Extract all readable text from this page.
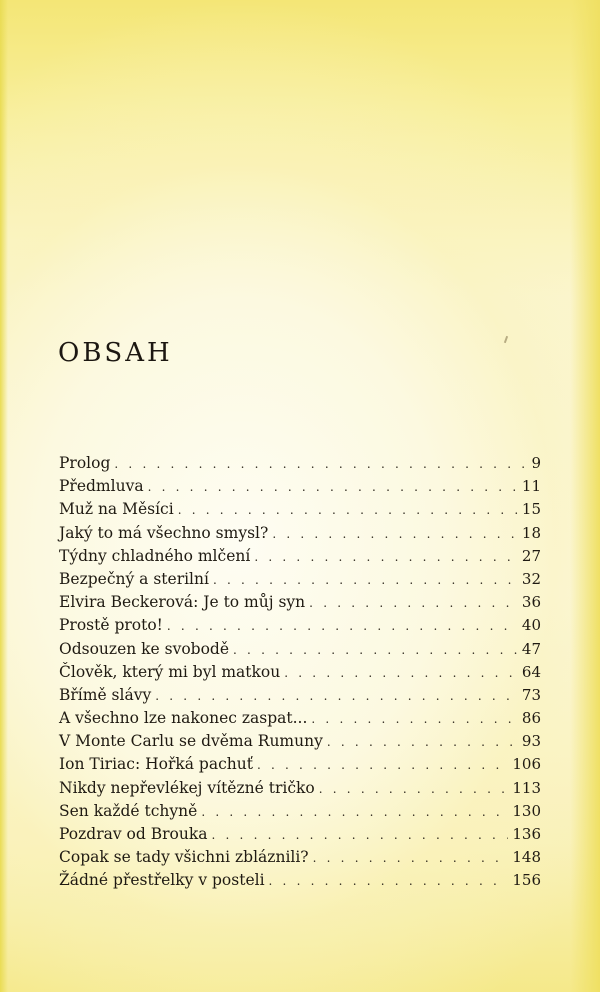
OBSAH
Prolog . . .	9
Předmluva . . .	11
Muž na Měsíci . . .	15
Jaký to má všechno smysl? . . .	18
Týdny chladného mlčení . . .	27
Bezpečný a sterilní . . .	32
Elvira Beckerová: Je to můj syn . . .	36
Prostě proto! . . .	40
Odsouzen ke svobodě . . .	47
Člověk, který mi byl matkou . . .	64
Břímě slávy . . .	73
A všechno lze nakonec zaspat... . . .	86
V Monte Carlu se dvěma Rumuny . . .	93
Ion Tiriac: Hořká pachuť . . .	106
Nikdy nepřevlékej vítězné tričko . . .	113
Sen každé tchyně . . .	130
Pozdrav od Brouka . . .	136
Copak se tady všichni zbláznili? . . .	148
Žádné přestřelky v posteli . . .	156
